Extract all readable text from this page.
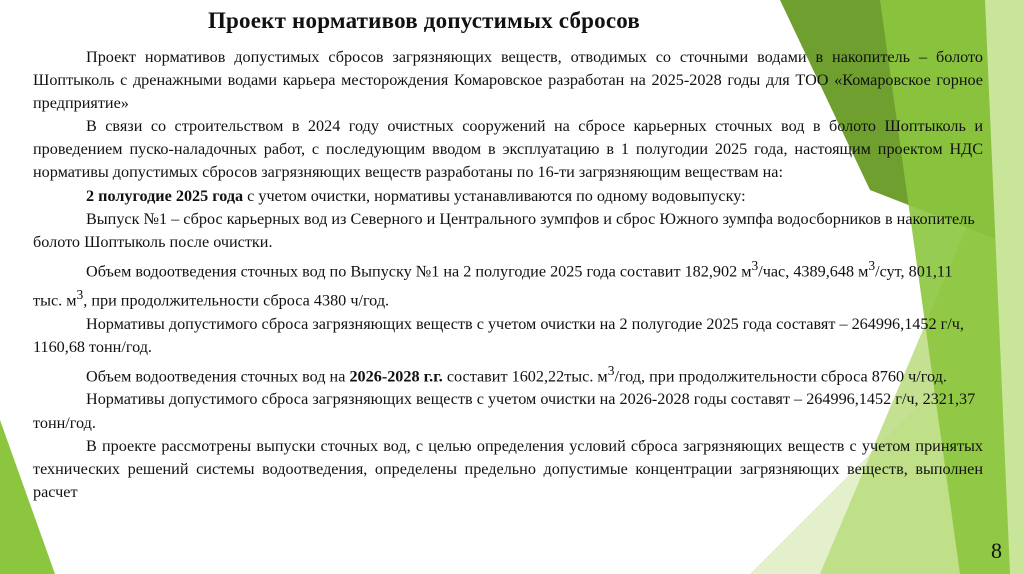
Проект нормативов допустимых сбросов

Проект нормативов допустимых сбросов загрязняющих веществ, отводимых со сточными водами в накопитель – болото Шоптыколь с дренажными водами карьера месторождения Комаровское разработан на 2025-2028 годы для ТОО «Комаровское горное предприятие»

В связи со строительством в 2024 году очистных сооружений на сбросе карьерных сточных вод в болото Шоптыколь и проведением пуско-наладочных работ, с последующим вводом в эксплуатацию в 1 полугодии 2025 года, настоящим проектом НДС нормативы допустимых сбросов загрязняющих веществ разработаны по 16-ти загрязняющим веществам на:

2 полугодие 2025 года с учетом очистки, нормативы устанавливаются по одному водовыпуску:

Выпуск №1 – сброс карьерных вод из Северного и Центрального зумпфов и сброс Южного зумпфа водосборников в накопитель болото Шоптыколь после очистки.

Объем водоотведения сточных вод по Выпуску №1 на 2 полугодие 2025 года составит 182,902 $м^3$/час, 4389,648 $м^3$/сут, 801,11 тыс. $м^3$, при продолжительности сброса 4380 ч/год.

Нормативы допустимого сброса загрязняющих веществ с учетом очистки на 2 полугодие 2025 года составят – 264996,1452 г/ч, 1160,68 тонн/год.

Объем водоотведения сточных вод на 2026-2028 г.г. составит 1602,22тыс. $м^3$/год, при продолжительности сброса 8760 ч/год.

Нормативы допустимого сброса загрязняющих веществ с учетом очистки на 2026-2028 годы составят – 264996,1452 г/ч, 2321,37 тонн/год.

В проекте рассмотрены выпуски сточных вод, с целью определения условий сброса загрязняющих веществ с учетом принятых технических решений системы водоотведения, определены предельно допустимые концентрации загрязняющих веществ, выполнен расчет

8
